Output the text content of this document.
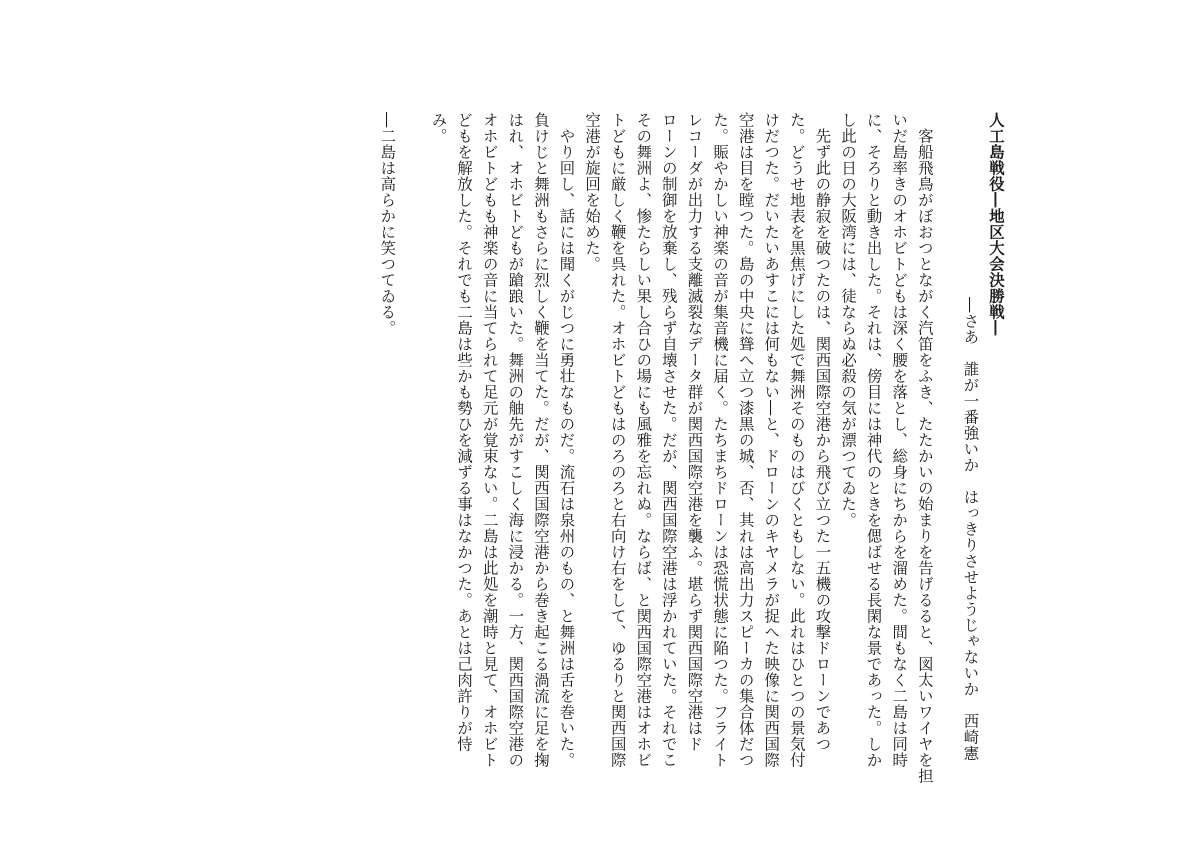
人工島戦役―地区大会決勝戦―
―さあ　誰が一番強いか　はっきりさせようじゃないか　西崎憲
　客船飛鳥がぼおつとながく汽笛をふき、たたかいの始まりを告げるると、図太いワイヤを担
いだ島率きのオホビトどもは深く腰を落とし、総身にちからを溜めた。間もなく二島は同時
に、そろりと動き出した。それは、傍目には神代のときを偲ばせる長閑な景であった。しか
し此の日の大阪湾には、徒ならぬ必殺の気が漂つてゐた。
　先ず此の静寂を破つたのは、関西国際空港から飛び立つた一五機の攻撃ドローンであつ
た。どうせ地表を黒焦げにした処で舞洲そのものはびくともしない。此れはひとつの景気付
けだつた。だいたいあすこには何もない―と、ドローンのキヤメラが捉へた映像に関西国際
空港は目を瞠つた。島の中央に聳へ立つ漆黒の城、否、其れは高出力スピーカの集合体だつ
た。賑やかしい神楽の音が集音機に届く。たちまちドローンは恐慌状態に陥つた。フライト
レコーダが出力する支離滅裂なデータ群が関西国際空港を襲ふ。堪らず関西国際空港はド
ローンの制御を放棄し、残らず自壊させた。だが、関西国際空港は浮かれていた。それでこ
その舞洲よ、惨たらしい果し合ひの場にも風雅を忘れぬ。ならば、と関西国際空港はオホビ
トどもに厳しく鞭を呉れた。オホビトどもはのろのろと右向け右をして、ゆるりと関西国際
空港が旋回を始めた。
　やり回し、話には聞くがじつに勇壮なものだ。流石は泉州のもの、と舞洲は舌を巻いた。
負けじと舞洲もさらに烈しく鞭を当てた。だが、関西国際空港から巻き起こる渦流に足を掬
はれ、オホビトどもが蹌踉いた。舞洲の舳先がすこしく海に浸かる。一方、関西国際空港の
オホビトどもも神楽の音に当てられて足元が覚束ない。二島は此処を潮時と見て、オホビト
どもを解放した。それでも二島は些かも勢ひを減ずる事はなかつた。あとは己肉許りが恃
み。
―二島は高らかに笑つてゐる。
